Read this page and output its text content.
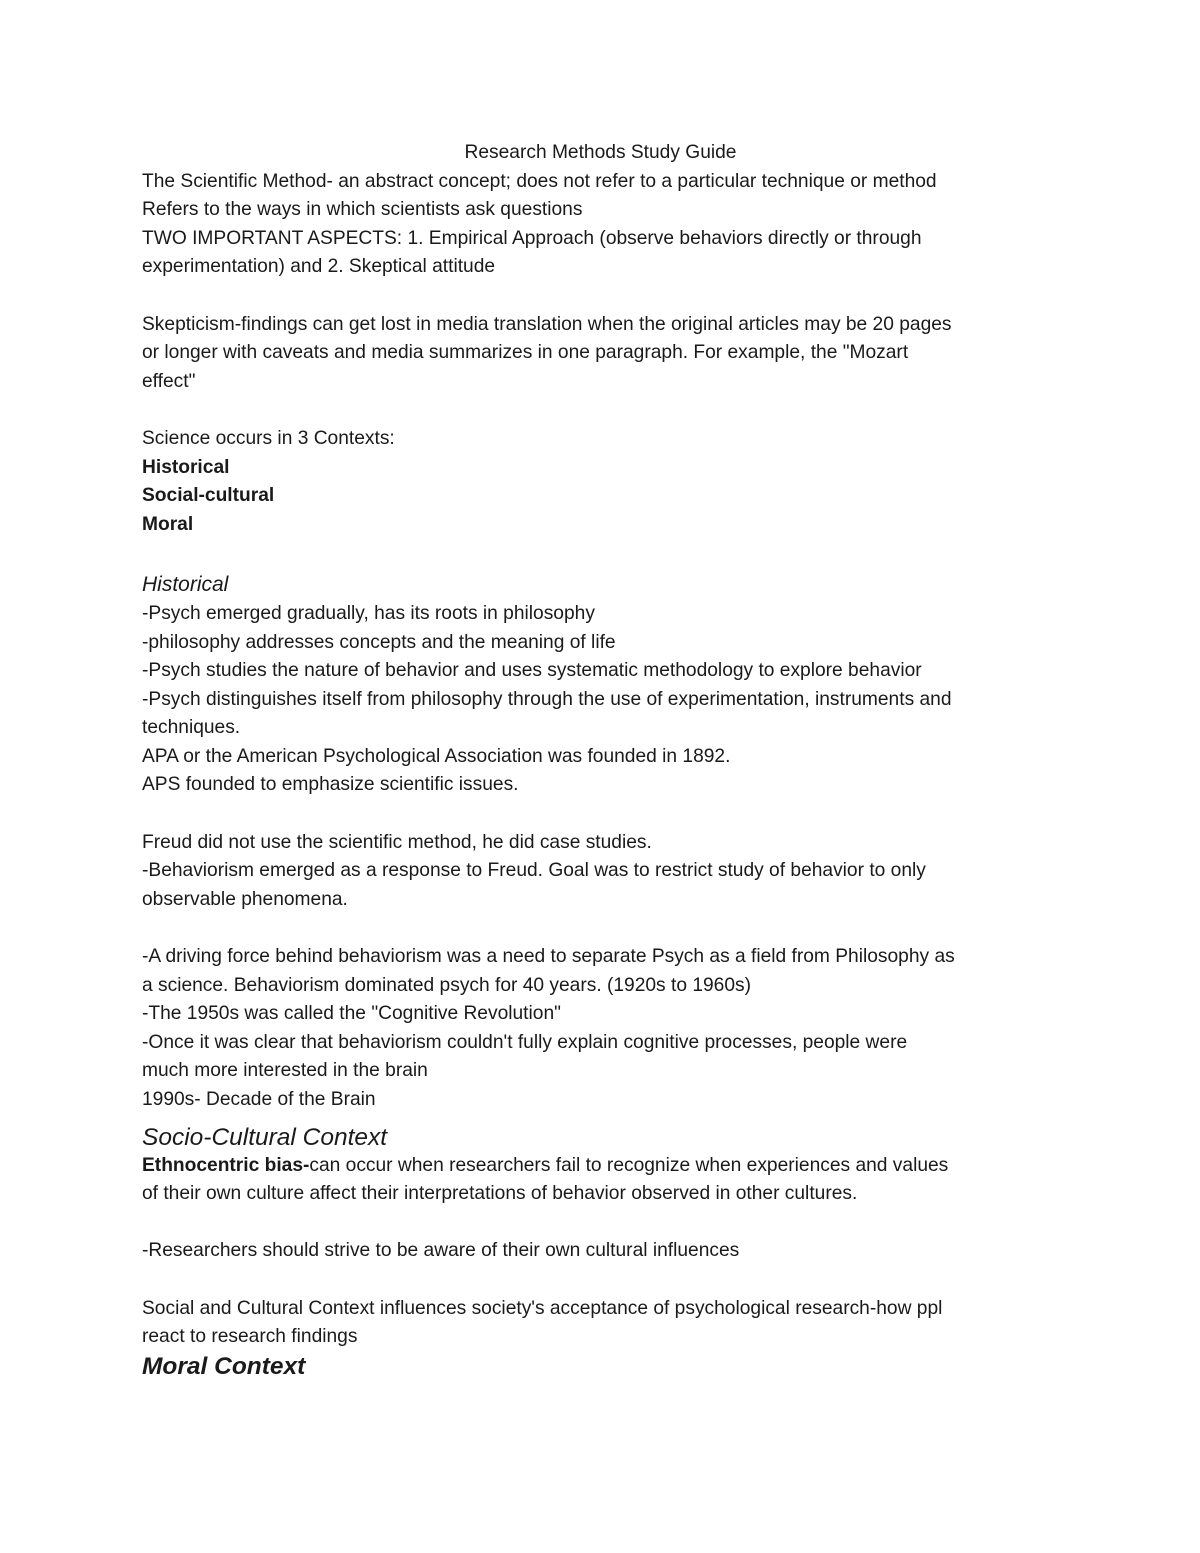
Research Methods Study Guide

The Scientific Method- an abstract concept; does not refer to a particular technique or method

Refers to the ways in which scientists ask questions

TWO IMPORTANT ASPECTS: 1. Empirical Approach (observe behaviors directly or through

experimentation) and 2. Skeptical attitude

Skepticism-findings can get lost in media translation when the original articles may be 20 pages

or longer with caveats and media summarizes in one paragraph. For example, the "Mozart

effect"

Science occurs in 3 Contexts:

Historical

Social-cultural

Moral

Historical

-Psych emerged gradually, has its roots in philosophy

-philosophy addresses concepts and the meaning of life

-Psych studies the nature of behavior and uses systematic methodology to explore behavior

-Psych distinguishes itself from philosophy through the use of experimentation, instruments and

techniques.

APA or the American Psychological Association was founded in 1892.

APS founded to emphasize scientific issues.

Freud did not use the scientific method, he did case studies.

-Behaviorism emerged as a response to Freud. Goal was to restrict study of behavior to only

observable phenomena.

-A driving force behind behaviorism was a need to separate Psych as a field from Philosophy as

a science. Behaviorism dominated psych for 40 years. (1920s to 1960s)

-The 1950s was called the "Cognitive Revolution"

-Once it was clear that behaviorism couldn't fully explain cognitive processes, people were

much more interested in the brain

1990s- Decade of the Brain

Socio-Cultural Context

Ethnocentric bias-can occur when researchers fail to recognize when experiences and values

of their own culture affect their interpretations of behavior observed in other cultures.

-Researchers should strive to be aware of their own cultural influences

Social and Cultural Context influences society's acceptance of psychological research-how ppl

react to research findings

Moral Context
